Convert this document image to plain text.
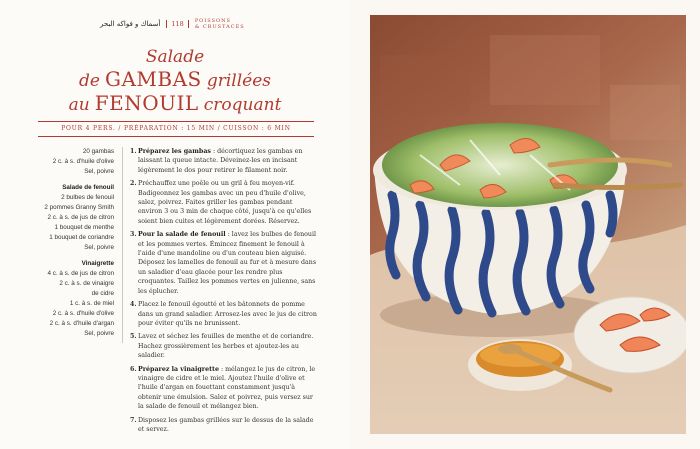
أسماك و فواكه البحر	118	POISSONS
& CRUSTACÉS
Salade
de GAMBAS grillées
au FENOUIL croquant
POUR 4 PERS. / PRÉPARATION : 15 MIN / CUISSON : 6 MIN
20 gambas
2 c. à s. d'huile d'olive
Sel, poivre
Salade de fenouil
2 bulbes de fenouil
2 pommes Granny Smith
2 c. à s. de jus de citron
1 bouquet de menthe
1 bouquet de coriandre
Sel, poivre
Vinaigrette
4 c. à s. de jus de citron
2 c. à s. de vinaigre
de cidre
1 c. à s. de miel
2 c. à s. d'huile d'olive
2 c. à s. d'huile d'argan
Sel, poivre
1. Préparez les gambas : décortiquez les gambas en laissant la queue intacte. Déveinez-les en incisant légèrement le dos pour retirer le filament noir.
2. Préchauffez une poêle ou un gril à feu moyen-vif. Badigeonnez les gambas avec un peu d'huile d'olive, salez, poivrez. Faites griller les gambas pendant environ 3 ou 3 min de chaque côté, jusqu'à ce qu'elles soient bien cuites et légèrement dorées. Réservez.
3. Pour la salade de fenouil : lavez les bulbes de fenouil et les pommes vertes. Émincez finement le fenouil à l'aide d'une mandoline ou d'un couteau bien aiguisé. Déposez les lamelles de fenouil au fur et à mesure dans un saladier d'eau glacée pour les rendre plus croquantes. Taillez les pommes vertes en julienne, sans les éplucher.
4. Placez le fenouil égoutté et les bâtonnets de pomme dans un grand saladier. Arrosez-les avec le jus de citron pour éviter qu'ils ne brunissent.
5. Lavez et séchez les feuilles de menthe et de coriandre. Hachez grossièrement les herbes et ajoutez-les au saladier.
6. Préparez la vinaigrette : mélangez le jus de citron, le vinaigre de cidre et le miel. Ajoutez l'huile d'olive et l'huile d'argan en fouettant constamment jusqu'à obtenir une émulsion. Salez et poivrez, puis versez sur la salade de fenouil et mélangez bien.
7. Disposez les gambas grillées sur le dessus de la salade et servez.
